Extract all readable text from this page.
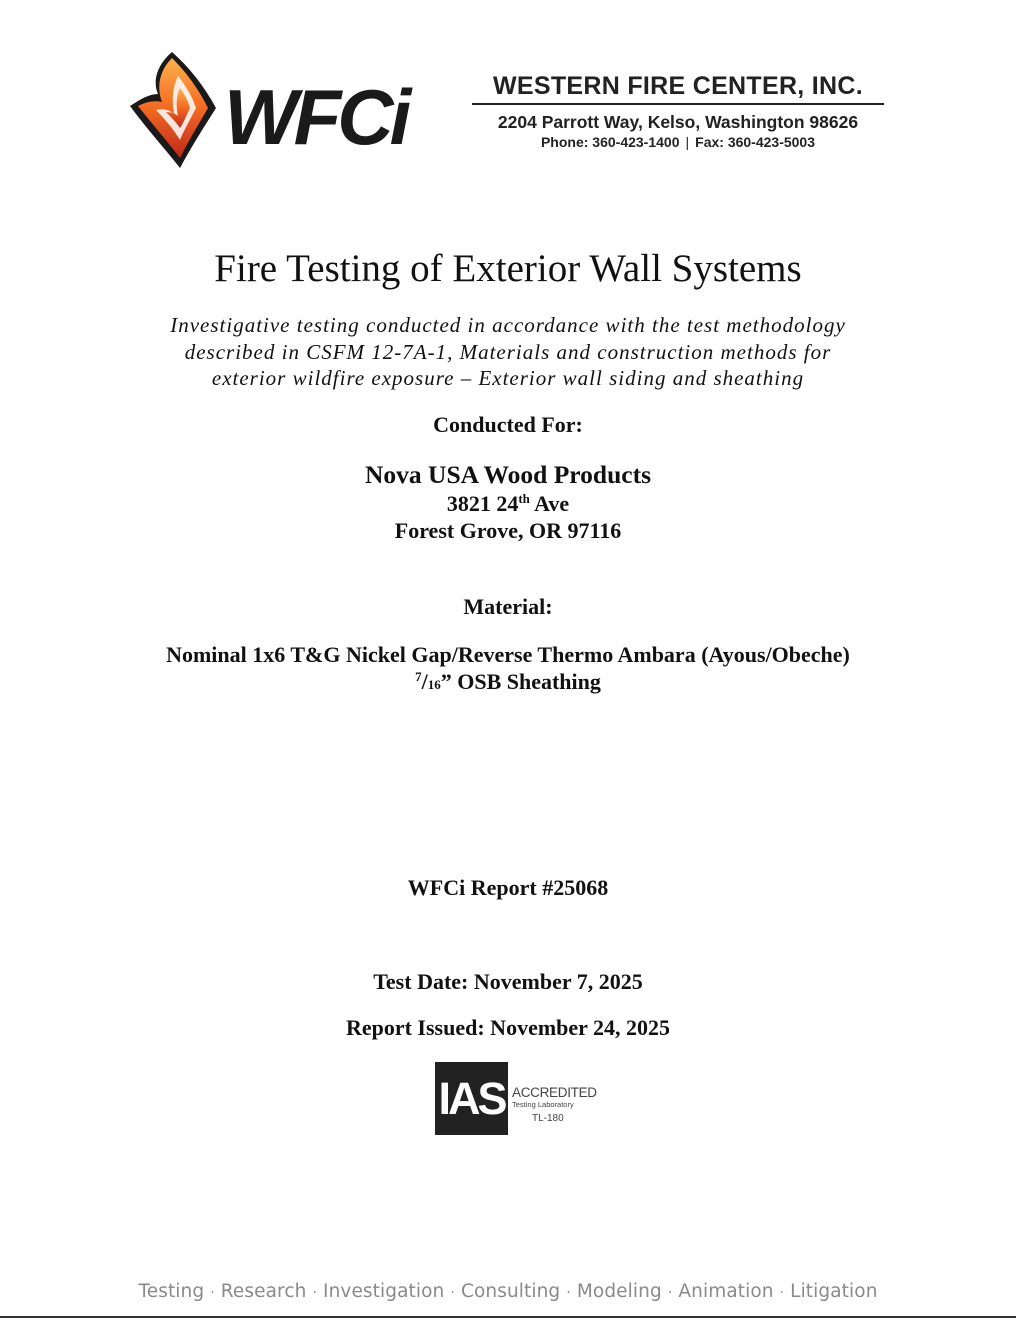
WFCi	WESTERN FIRE CENTER, INC.
2204 Parrott Way, Kelso, Washington 98626
Phone: 360-423-1400 | Fax: 360-423-5003
Fire Testing of Exterior Wall Systems
Investigative testing conducted in accordance with the test methodology
described in CSFM 12-7A-1, Materials and construction methods for
exterior wildfire exposure – Exterior wall siding and sheathing
Conducted For:
Nova USA Wood Products
3821 24th Ave
Forest Grove, OR 97116
Material:
Nominal 1x6 T&G Nickel Gap/Reverse Thermo Ambara (Ayous/Obeche)
$^7$/16” OSB Sheathing
WFCi Report #25068
Test Date: November 7, 2025
Report Issued: November 24, 2025
IAS ACCREDITED
Testing Laboratory
TL-180
Testing · Research · Investigation · Consulting · Modeling · Animation · Litigation
